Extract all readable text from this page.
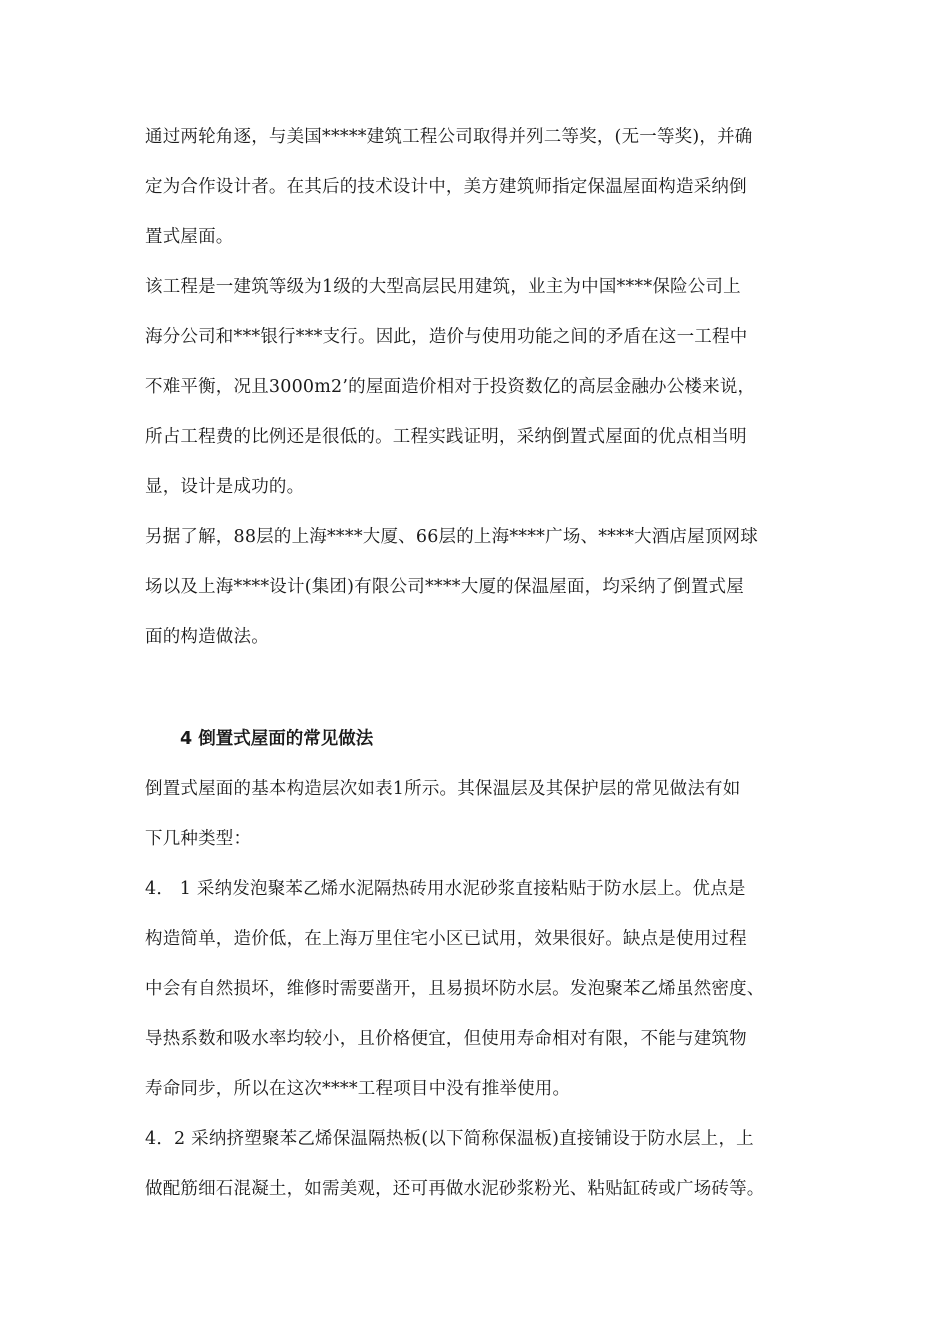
通过两轮角逐，与美国*****建筑工程公司取得并列二等奖，(无一等奖)，并确
定为合作设计者。在其后的技术设计中，美方建筑师指定保温屋面构造采纳倒
置式屋面。
该工程是一建筑等级为1级的大型高层民用建筑，业主为中国****保险公司上
海分公司和***银行***支行。因此，造价与使用功能之间的矛盾在这一工程中
不难平衡，况且3000m2’的屋面造价相对于投资数亿的高层金融办公楼来说，
所占工程费的比例还是很低的。工程实践证明，采纳倒置式屋面的优点相当明
显，设计是成功的。
另据了解，88层的上海****大厦、66层的上海****广场、****大酒店屋顶网球
场以及上海****设计(集团)有限公司****大厦的保温屋面，均采纳了倒置式屋
面的构造做法。
4 倒置式屋面的常见做法
倒置式屋面的基本构造层次如表1所示。其保温层及其保护层的常见做法有如
下几种类型：
4． 1 采纳发泡聚苯乙烯水泥隔热砖用水泥砂浆直接粘贴于防水层上。优点是
构造简单，造价低，在上海万里住宅小区已试用，效果很好。缺点是使用过程
中会有自然损坏，维修时需要凿开，且易损坏防水层。发泡聚苯乙烯虽然密度、
导热系数和吸水率均较小，且价格便宜，但使用寿命相对有限，不能与建筑物
寿命同步，所以在这次****工程项目中没有推举使用。
4．2 采纳挤塑聚苯乙烯保温隔热板(以下简称保温板)直接铺设于防水层上，上
做配筋细石混凝土，如需美观，还可再做水泥砂浆粉光、粘贴缸砖或广场砖等。
